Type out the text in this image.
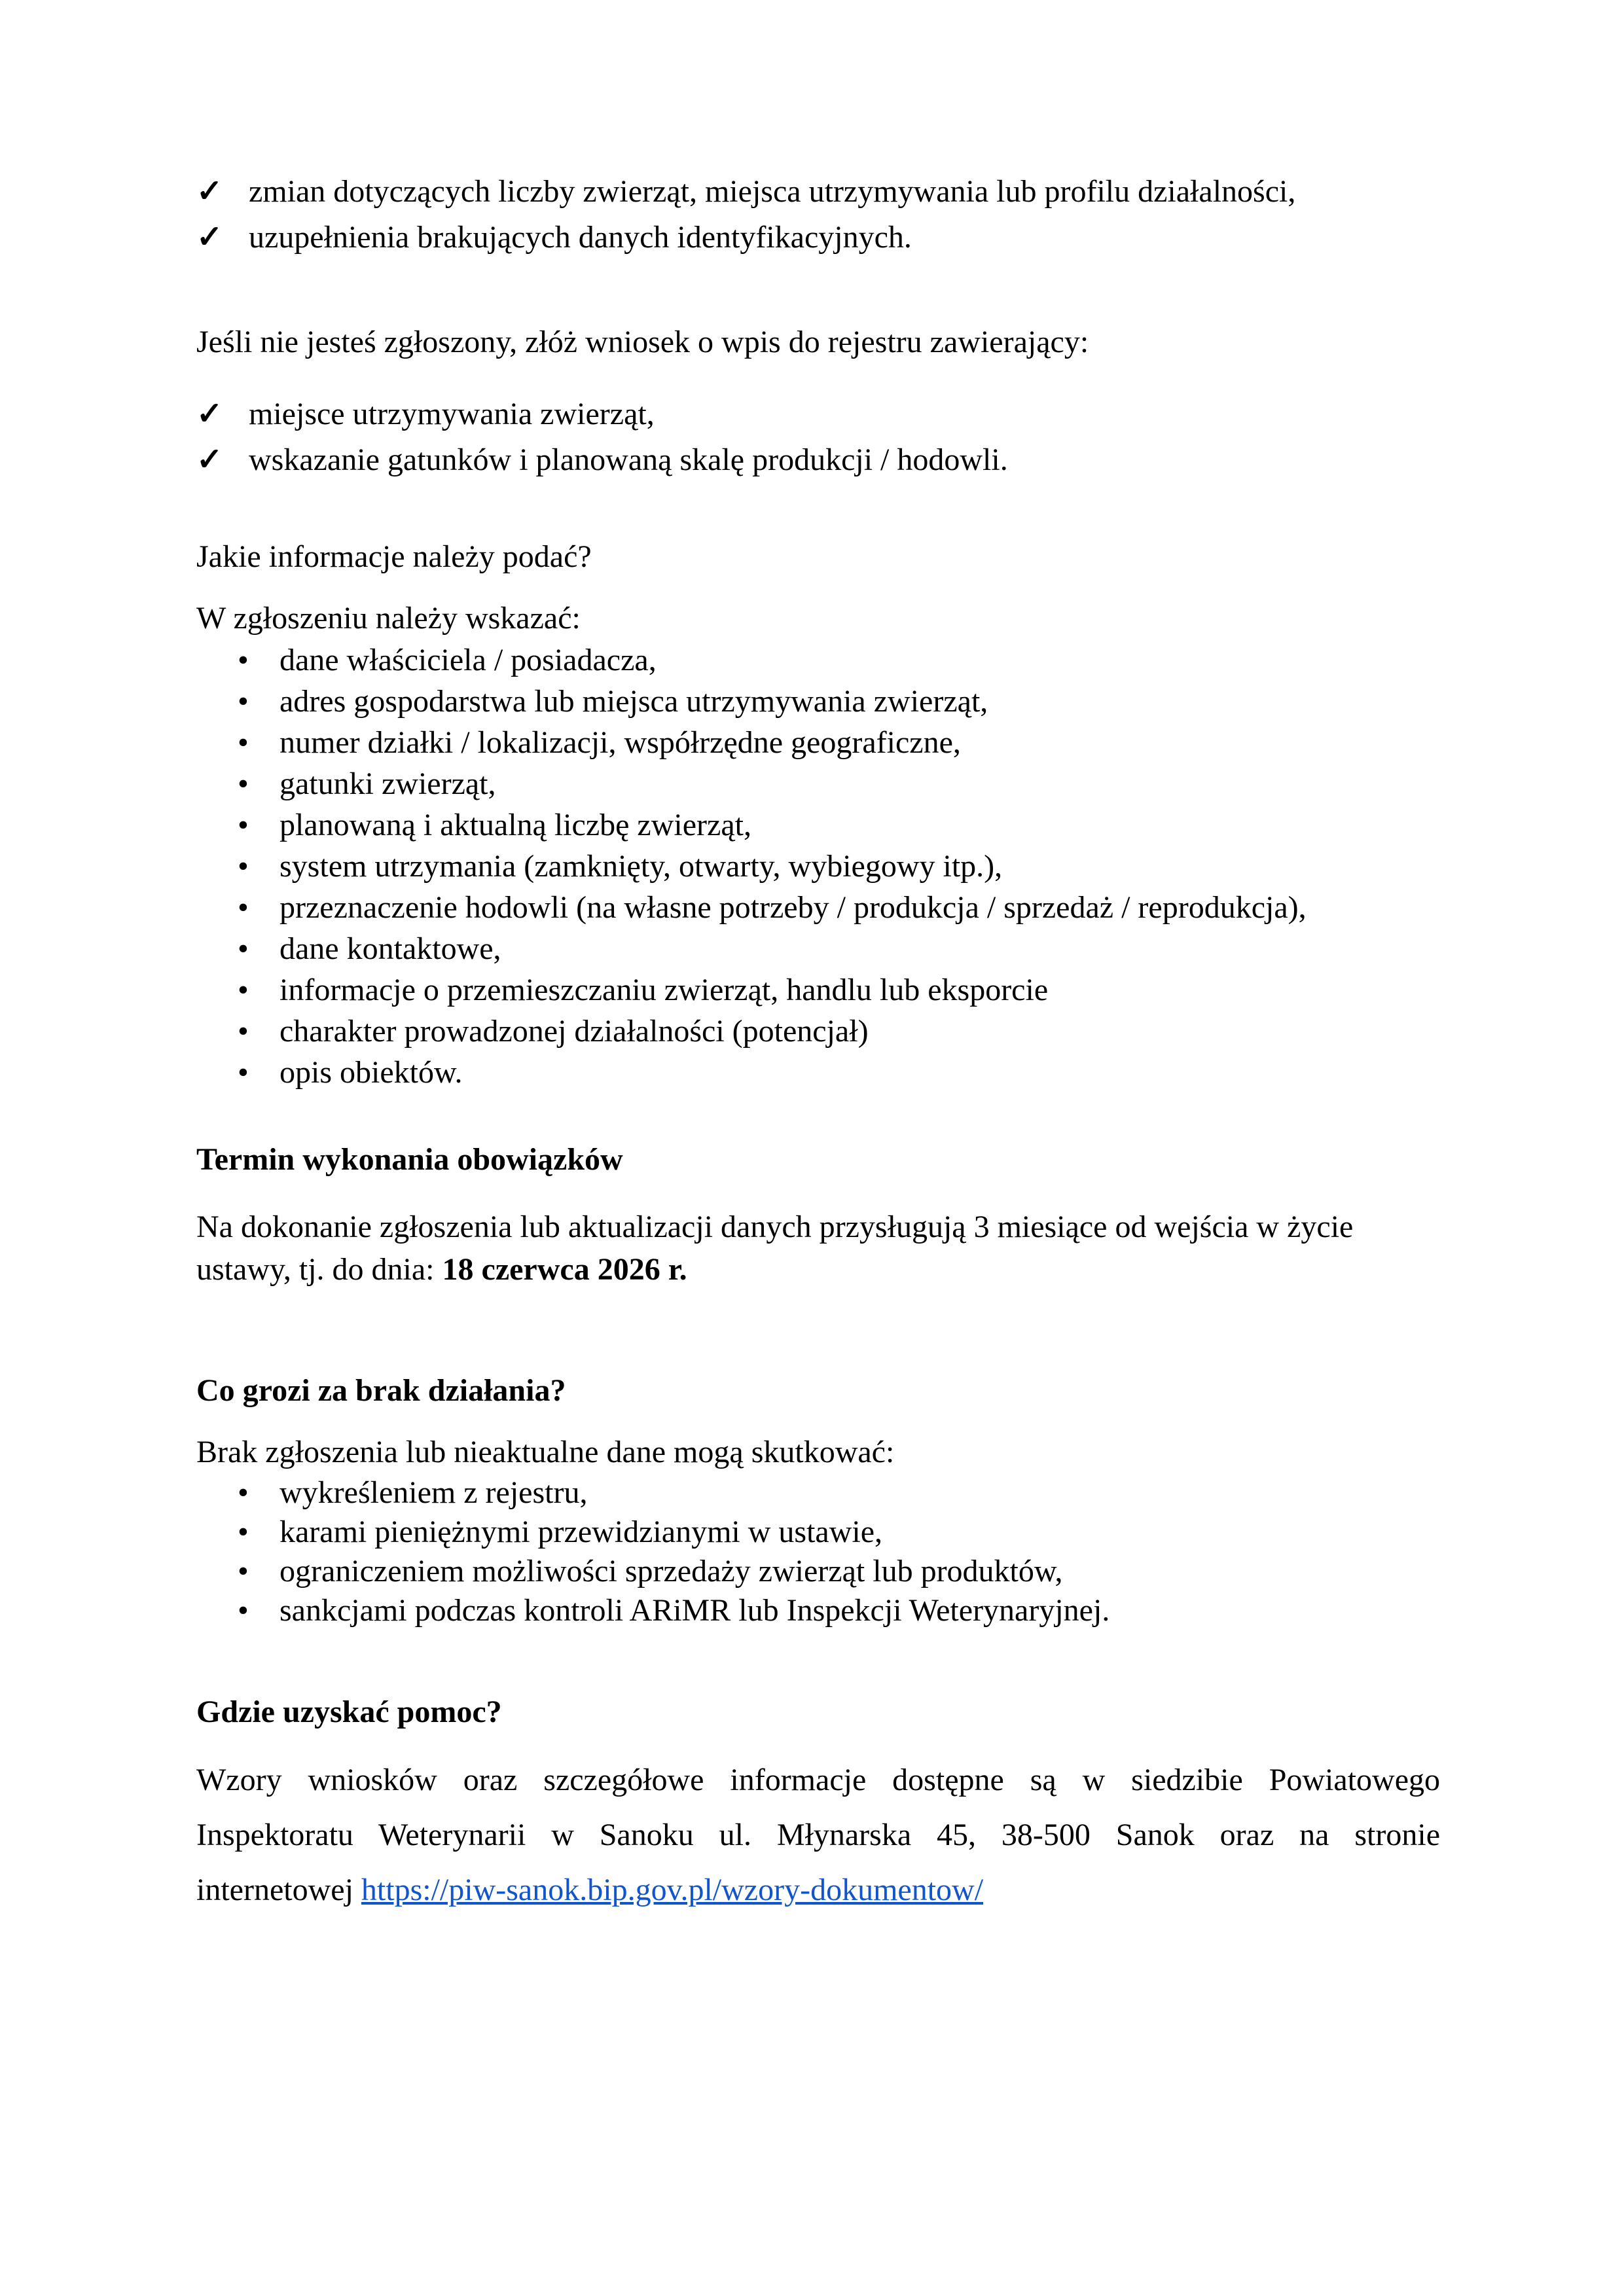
✓ zmian dotyczących liczby zwierząt, miejsca utrzymywania lub profilu działalności,
✓ uzupełnienia brakujących danych identyfikacyjnych.

Jeśli nie jesteś zgłoszony, złóż wniosek o wpis do rejestru zawierający:

✓ miejsce utrzymywania zwierząt,
✓ wskazanie gatunków i planowaną skalę produkcji / hodowli.

Jakie informacje należy podać?

W zgłoszeniu należy wskazać:

• dane właściciela / posiadacza,
• adres gospodarstwa lub miejsca utrzymywania zwierząt,
• numer działki / lokalizacji, współrzędne geograficzne,
• gatunki zwierząt,
• planowaną i aktualną liczbę zwierząt,
• system utrzymania (zamknięty, otwarty, wybiegowy itp.),
• przeznaczenie hodowli (na własne potrzeby / produkcja / sprzedaż / reprodukcja),
• dane kontaktowe,
• informacje o przemieszczaniu zwierząt, handlu lub eksporcie
• charakter prowadzonej działalności (potencjał)
• opis obiektów.

Termin wykonania obowiązków

Na dokonanie zgłoszenia lub aktualizacji danych przysługują 3 miesiące od wejścia w życie

ustawy, tj. do dnia: 18 czerwca 2026 r.

Co grozi za brak działania?

Brak zgłoszenia lub nieaktualne dane mogą skutkować:

• wykreśleniem z rejestru,
• karami pieniężnymi przewidzianymi w ustawie,
• ograniczeniem możliwości sprzedaży zwierząt lub produktów,
• sankcjami podczas kontroli ARiMR lub Inspekcji Weterynaryjnej.

Gdzie uzyskać pomoc?

Wzory wniosków oraz szczegółowe informacje dostępne są w siedzibie Powiatowego

Inspektoratu Weterynarii w Sanoku ul. Młynarska 45, 38-500 Sanok oraz na stronie

internetowej https://piw-sanok.bip.gov.pl/wzory-dokumentow/
